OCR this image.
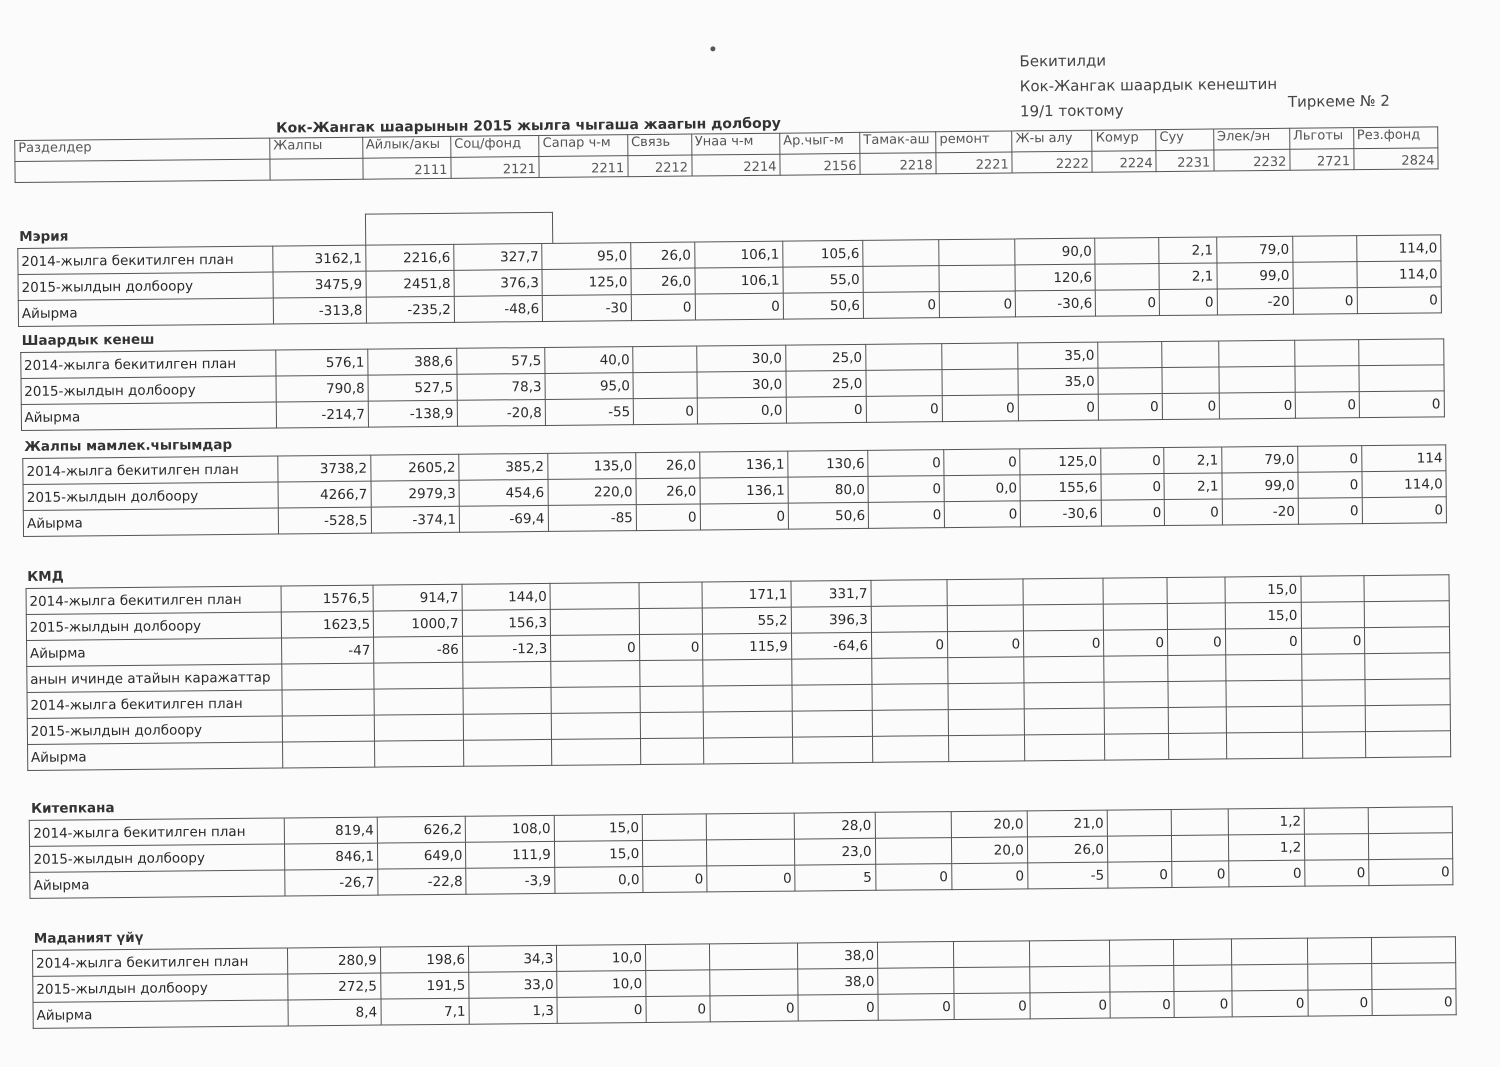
Бекитилди
Кок-Жангак шаардык кенештин
19/1 токтому
Тиркеме № 2
Кок-Жангак шаарынын 2015 жылга чыгаша жаагын долбору
Разделдер	Жалпы	Айлык/акы	Соц/фонд	Сапар ч-м	Связь	Унаа ч-м	Ар.чыг-м	Тамак-аш	ремонт	Ж-ы алу	Комур	Суу	Элек/эн	Льготы	Рез.фонд
		2111	2121	2211	2212	2214	2156	2218	2221	2222	2224	2231	2232	2721	2824
Мэрия
2014-жылга бекитилген план	3162,1	2216,6	327,7	95,0	26,0	106,1	105,6			90,0		2,1	79,0		114,0
2015-жылдын долбоору	3475,9	2451,8	376,3	125,0	26,0	106,1	55,0			120,6		2,1	99,0		114,0
Айырма	-313,8	-235,2	-48,6	-30	0	0	50,6	0	0	-30,6	0	0	-20	0	0
Шаардык кенеш
2014-жылга бекитилген план	576,1	388,6	57,5	40,0		30,0	25,0			35,0					
2015-жылдын долбоору	790,8	527,5	78,3	95,0		30,0	25,0			35,0					
Айырма	-214,7	-138,9	-20,8	-55	0	0,0	0	0	0	0	0	0	0	0	0
Жалпы мамлек.чыгымдар
2014-жылга бекитилген план	3738,2	2605,2	385,2	135,0	26,0	136,1	130,6	0	0	125,0	0	2,1	79,0	0	114
2015-жылдын долбоору	4266,7	2979,3	454,6	220,0	26,0	136,1	80,0	0	0,0	155,6	0	2,1	99,0	0	114,0
Айырма	-528,5	-374,1	-69,4	-85	0	0	50,6	0	0	-30,6	0	0	-20	0	0
КМД
2014-жылга бекитилген план	1576,5	914,7	144,0			171,1	331,7						15,0		
2015-жылдын долбоору	1623,5	1000,7	156,3			55,2	396,3						15,0		
Айырма	-47	-86	-12,3	0	0	115,9	-64,6	0	0	0	0	0	0	0	
анын ичинде атайын каражаттар															
2014-жылга бекитилген план															
2015-жылдын долбоору															
Айырма															
Китепкана
2014-жылга бекитилген план	819,4	626,2	108,0	15,0			28,0		20,0	21,0			1,2		
2015-жылдын долбоору	846,1	649,0	111,9	15,0			23,0		20,0	26,0			1,2		
Айырма	-26,7	-22,8	-3,9	0,0	0	0	5	0	0	-5	0	0	0	0	0
Маданият үйү
2014-жылга бекитилген план	280,9	198,6	34,3	10,0			38,0								
2015-жылдын долбоору	272,5	191,5	33,0	10,0			38,0								
Айырма	8,4	7,1	1,3	0	0	0	0	0	0	0	0	0	0	0	0
